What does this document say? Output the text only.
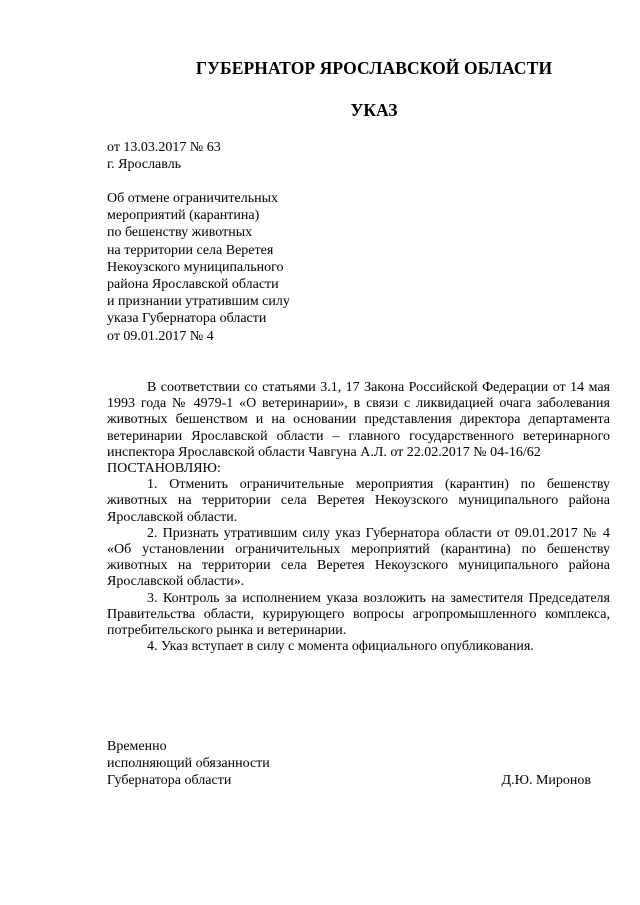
ГУБЕРНАТОР ЯРОСЛАВСКОЙ ОБЛАСТИ
УКАЗ
от 13.03.2017 № 63
г. Ярославль
Об отмене ограничительных
мероприятий (карантина)
по бешенству животных
на территории села Веретея
Некоузского муниципального
района Ярославской области
и признании утратившим силу
указа Губернатора области
от 09.01.2017 № 4

В соответствии со статьями 3.1, 17 Закона Российской Федерации от 14 мая 1993 года № 4979-1 «О ветеринарии», в связи с ликвидацией очага заболевания животных бешенством и на основании представления директора департамента ветеринарии Ярославской области – главного государственного ветеринарного инспектора Ярославской области Чавгуна А.Л. от 22.02.2017 № 04-16/62

ПОСТАНОВЛЯЮ:

1. Отменить ограничительные мероприятия (карантин) по бешенству животных на территории села Веретея Некоузского муниципального района Ярославской области.

2. Признать утратившим силу указ Губернатора области от 09.01.2017 № 4 «Об установлении ограничительных мероприятий (карантина) по бешенству животных на территории села Веретея Некоузского муниципального района Ярославской области».

3. Контроль за исполнением указа возложить на заместителя Председателя Правительства области, курирующего вопросы агропромышленного комплекса, потребительского рынка и ветеринарии.

4. Указ вступает в силу с момента официального опубликования.

Временно
исполняющий обязанности
Губернатора области	Д.Ю. Миронов
